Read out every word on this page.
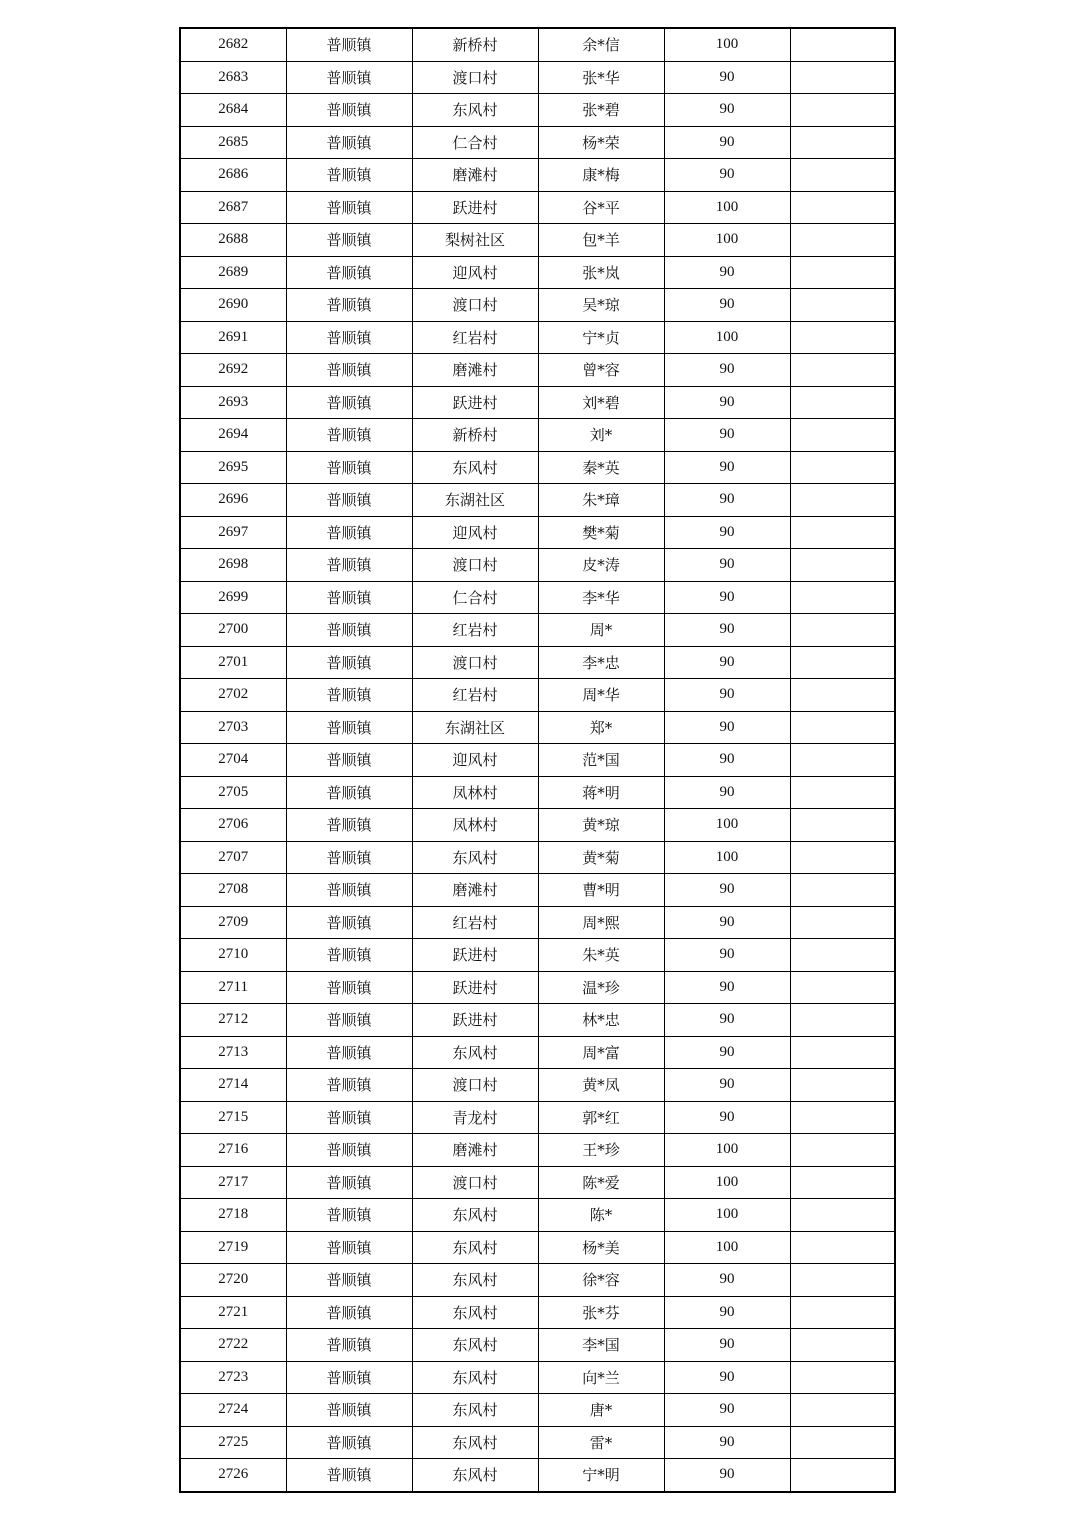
2682	普顺镇	新桥村	余*信	100	
2683	普顺镇	渡口村	张*华	90	
2684	普顺镇	东风村	张*碧	90	
2685	普顺镇	仁合村	杨*荣	90	
2686	普顺镇	磨滩村	康*梅	90	
2687	普顺镇	跃进村	谷*平	100	
2688	普顺镇	梨树社区	包*羊	100	
2689	普顺镇	迎风村	张*岚	90	
2690	普顺镇	渡口村	吴*琼	90	
2691	普顺镇	红岩村	宁*贞	100	
2692	普顺镇	磨滩村	曾*容	90	
2693	普顺镇	跃进村	刘*碧	90	
2694	普顺镇	新桥村	刘*	90	
2695	普顺镇	东风村	秦*英	90	
2696	普顺镇	东湖社区	朱*璋	90	
2697	普顺镇	迎风村	樊*菊	90	
2698	普顺镇	渡口村	皮*涛	90	
2699	普顺镇	仁合村	李*华	90	
2700	普顺镇	红岩村	周*	90	
2701	普顺镇	渡口村	李*忠	90	
2702	普顺镇	红岩村	周*华	90	
2703	普顺镇	东湖社区	郑*	90	
2704	普顺镇	迎风村	范*国	90	
2705	普顺镇	凤林村	蒋*明	90	
2706	普顺镇	凤林村	黄*琼	100	
2707	普顺镇	东风村	黄*菊	100	
2708	普顺镇	磨滩村	曹*明	90	
2709	普顺镇	红岩村	周*熙	90	
2710	普顺镇	跃进村	朱*英	90	
2711	普顺镇	跃进村	温*珍	90	
2712	普顺镇	跃进村	林*忠	90	
2713	普顺镇	东风村	周*富	90	
2714	普顺镇	渡口村	黄*凤	90	
2715	普顺镇	青龙村	郭*红	90	
2716	普顺镇	磨滩村	王*珍	100	
2717	普顺镇	渡口村	陈*爱	100	
2718	普顺镇	东风村	陈*	100	
2719	普顺镇	东风村	杨*美	100	
2720	普顺镇	东风村	徐*容	90	
2721	普顺镇	东风村	张*芬	90	
2722	普顺镇	东风村	李*国	90	
2723	普顺镇	东风村	向*兰	90	
2724	普顺镇	东风村	唐*	90	
2725	普顺镇	东风村	雷*	90	
2726	普顺镇	东风村	宁*明	90	
